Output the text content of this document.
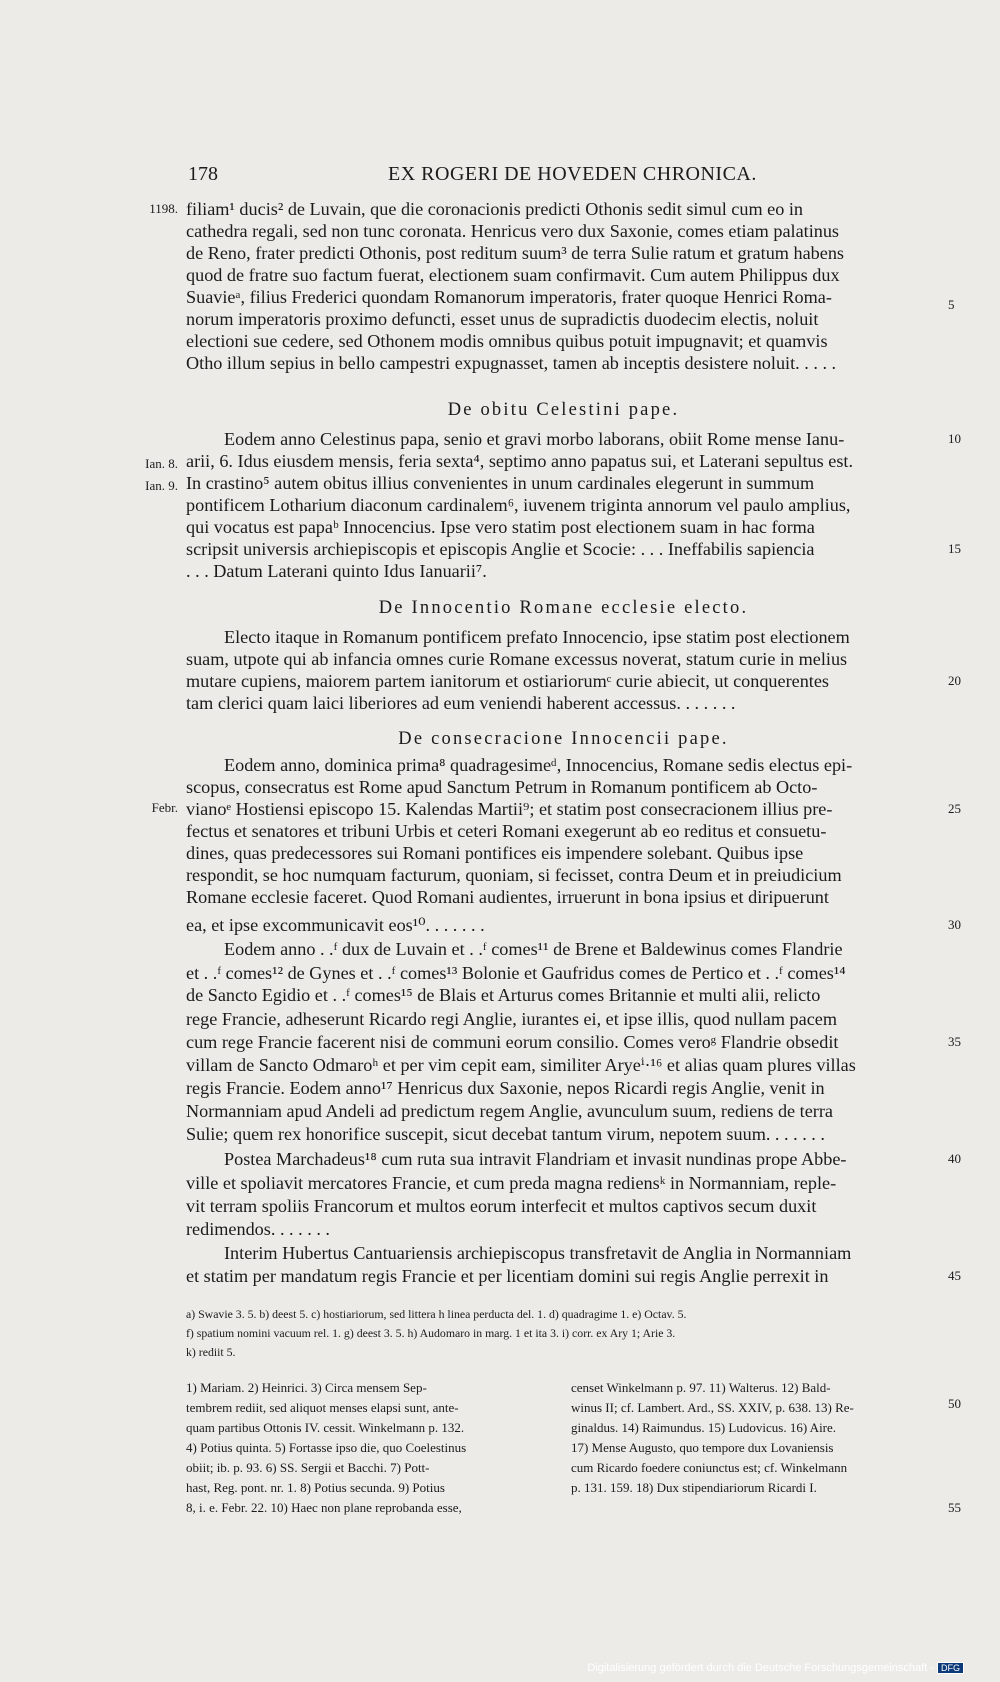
178	EX ROGERI DE HOVEDEN CHRONICA.
1198.
Ian. 8.
Ian. 9.
Febr.
filiam¹ ducis² de Luvain, que die coronacionis predicti Othonis sedit simul cum eo in
cathedra regali, sed non tunc coronata. Henricus vero dux Saxonie, comes etiam palatinus
de Reno, frater predicti Othonis, post reditum suum³ de terra Sulie ratum et gratum habens
quod de fratre suo factum fuerat, electionem suam confirmavit. Cum autem Philippus dux
Suavieᵃ, filius Frederici quondam Romanorum imperatoris, frater quoque Henrici Roma-
norum imperatoris proximo defuncti, esset unus de supradictis duodecim electis, noluit
electioni sue cedere, sed Othonem modis omnibus quibus potuit impugnavit; et quamvis
Otho illum sepius in bello campestri expugnasset, tamen ab inceptis desistere noluit. . . . .
De obitu Celestini pape.
Eodem anno Celestinus papa, senio et gravi morbo laborans, obiit Rome mense Ianu-
arii, 6. Idus eiusdem mensis, feria sexta⁴, septimo anno papatus sui, et Laterani sepultus est.
In crastino⁵ autem obitus illius convenientes in unum cardinales elegerunt in summum
pontificem Lotharium diaconum cardinalem⁶, iuvenem triginta annorum vel paulo amplius,
qui vocatus est papaᵇ Innocencius. Ipse vero statim post electionem suam in hac forma
scripsit universis archiepiscopis et episcopis Anglie et Scocie: . . . Ineffabilis sapiencia
. . . Datum Laterani quinto Idus Ianuarii⁷.
De Innocentio Romane ecclesie electo.
Electo itaque in Romanum pontificem prefato Innocencio, ipse statim post electionem
suam, utpote qui ab infancia omnes curie Romane excessus noverat, statum curie in melius
mutare cupiens, maiorem partem ianitorum et ostiariorumᶜ curie abiecit, ut conquerentes
tam clerici quam laici liberiores ad eum veniendi haberent accessus. . . . . . .
De consecracione Innocencii pape.
Eodem anno, dominica prima⁸ quadragesimeᵈ, Innocencius, Romane sedis electus epi-
scopus, consecratus est Rome apud Sanctum Petrum in Romanum pontificem ab Octo-
vianoᵉ Hostiensi episcopo 15. Kalendas Martii⁹; et statim post consecracionem illius pre-
fectus et senatores et tribuni Urbis et ceteri Romani exegerunt ab eo reditus et consuetu-
dines, quas predecessores sui Romani pontifices eis impendere solebant. Quibus ipse
respondit, se hoc numquam facturum, quoniam, si fecisset, contra Deum et in preiudicium
Romane ecclesie faceret. Quod Romani audientes, irruerunt in bona ipsius et diripuerunt
ea, et ipse excommunicavit eos¹⁰. . . . . . .
Eodem anno . .ᶠ dux de Luvain et . .ᶠ comes¹¹ de Brene et Baldewinus comes Flandrie
et . .ᶠ comes¹² de Gynes et . .ᶠ comes¹³ Bolonie et Gaufridus comes de Pertico et . .ᶠ comes¹⁴
de Sancto Egidio et . .ᶠ comes¹⁵ de Blais et Arturus comes Britannie et multi alii, relicto
rege Francie, adheserunt Ricardo regi Anglie, iurantes ei, et ipse illis, quod nullam pacem
cum rege Francie facerent nisi de communi eorum consilio. Comes veroᵍ Flandrie obsedit
villam de Sancto Odmaroʰ et per vim cepit eam, similiter Aryeⁱ·¹⁶ et alias quam plures villas
regis Francie. Eodem anno¹⁷ Henricus dux Saxonie, nepos Ricardi regis Anglie, venit in
Normanniam apud Andeli ad predictum regem Anglie, avunculum suum, rediens de terra
Sulie; quem rex honorifice suscepit, sicut decebat tantum virum, nepotem suum. . . . . . .
Postea Marchadeus¹⁸ cum ruta sua intravit Flandriam et invasit nundinas prope Abbe-
ville et spoliavit mercatores Francie, et cum preda magna rediensᵏ in Normanniam, reple-
vit terram spoliis Francorum et multos eorum interfecit et multos captivos secum duxit
redimendos. . . . . . .
Interim Hubertus Cantuariensis archiepiscopus transfretavit de Anglia in Normanniam
et statim per mandatum regis Francie et per licentiam domini sui regis Anglie perrexit in
5
10
15
20
25
30
35
40
45
50
55
a) Swavie 3. 5. b) deest 5. c) hostiariorum, sed littera h linea perducta del. 1. d) quadragime 1. e) Octav. 5.
f) spatium nomini vacuum rel. 1. g) deest 3. 5. h) Audomaro in marg. 1 et ita 3. i) corr. ex Ary 1; Arie 3.
k) rediit 5.
1) Mariam. 2) Heinrici. 3) Circa mensem Sep-
tembrem rediit, sed aliquot menses elapsi sunt, ante-
quam partibus Ottonis IV. cessit. Winkelmann p. 132.
4) Potius quinta. 5) Fortasse ipso die, quo Coelestinus
obiit; ib. p. 93. 6) SS. Sergii et Bacchi. 7) Pott-
hast, Reg. pont. nr. 1. 8) Potius secunda. 9) Potius
8, i. e. Febr. 22. 10) Haec non plane reprobanda esse,
censet Winkelmann p. 97. 11) Walterus. 12) Bald-
winus II; cf. Lambert. Ard., SS. XXIV, p. 638. 13) Re-
ginaldus. 14) Raimundus. 15) Ludovicus. 16) Aire.
17) Mense Augusto, quo tempore dux Lovaniensis
cum Ricardo foedere coniunctus est; cf. Winkelmann
p. 131. 159. 18) Dux stipendiariorum Ricardi I.
Digitalisierung gefördert durch die Deutsche Forschungsgemeinschaft - DFG
